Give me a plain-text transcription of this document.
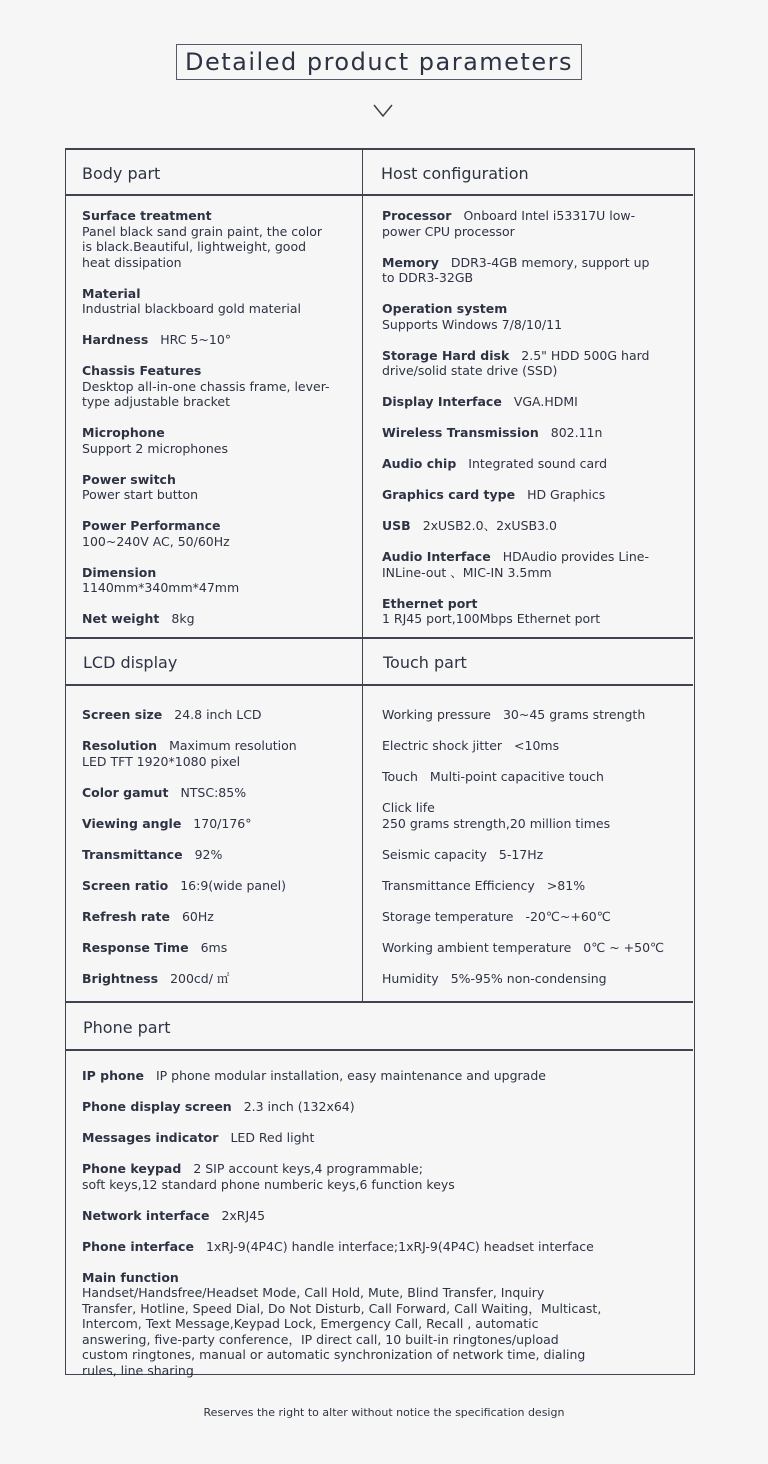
Detailed product parameters
Body part	Host configuration
LCD display	Touch part
Phone part
Surface treatment
Panel black sand grain paint, the color is black.Beautiful, lightweight, good heat dissipation
Material
Industrial blackboard gold material
Hardness HRC 5~10°
Chassis Features
Desktop all-in-one chassis frame, lever-type adjustable bracket
Microphone
Support 2 microphones
Power switch
Power start button
Power Performance
100~240V AC, 50/60Hz
Dimension
1140mm*340mm*47mm
Net weight 8kg
Processor Onboard Intel i53317U low-power CPU processor
Memory DDR3-4GB memory, support up to DDR3-32GB
Operation system
Supports Windows 7/8/10/11
Storage Hard disk 2.5" HDD 500G hard drive/solid state drive (SSD)
Display Interface VGA.HDMI
Wireless Transmission 802.11n
Audio chip Integrated sound card
Graphics card type HD Graphics
USB 2xUSB2.0、2xUSB3.0
Audio Interface HDAudio provides Line-INLine-out 、MIC-IN 3.5mm
Ethernet port
1 RJ45 port,100Mbps Ethernet port
Screen size 24.8 inch LCD
Resolution Maximum resolution
LED TFT 1920*1080 pixel
Color gamut NTSC:85%
Viewing angle 170/176°
Transmittance 92%
Screen ratio 16:9(wide panel)
Refresh rate 60Hz
Response Time 6ms
Brightness 200cd/ ㎡
Working pressure 30~45 grams strength
Electric shock jitter <10ms
Touch Multi-point capacitive touch
Click life
250 grams strength,20 million times
Seismic capacity 5-17Hz
Transmittance Efficiency >81%
Storage temperature -20℃~+60℃
Working ambient temperature 0℃ ~ +50℃
Humidity 5%-95% non-condensing
IP phone IP phone modular installation, easy maintenance and upgrade
Phone display screen 2.3 inch (132x64)
Messages indicator LED Red light
Phone keypad 2 SIP account keys,4 programmable;
soft keys,12 standard phone numberic keys,6 function keys
Network interface 2xRJ45
Phone interface 1xRJ-9(4P4C) handle interface;1xRJ-9(4P4C) headset interface
Main function
Handset/Handsfree/Headset Mode, Call Hold, Mute, Blind Transfer, Inquiry Transfer, Hotline, Speed Dial, Do Not Disturb, Call Forward, Call Waiting，Multicast, Intercom, Text Message,Keypad Lock, Emergency Call, Recall , automatic answering, five-party conference，IP direct call, 10 built-in ringtones/upload custom ringtones, manual or automatic synchronization of network time, dialing rules, line sharing
Reserves the right to alter without notice the specification design
